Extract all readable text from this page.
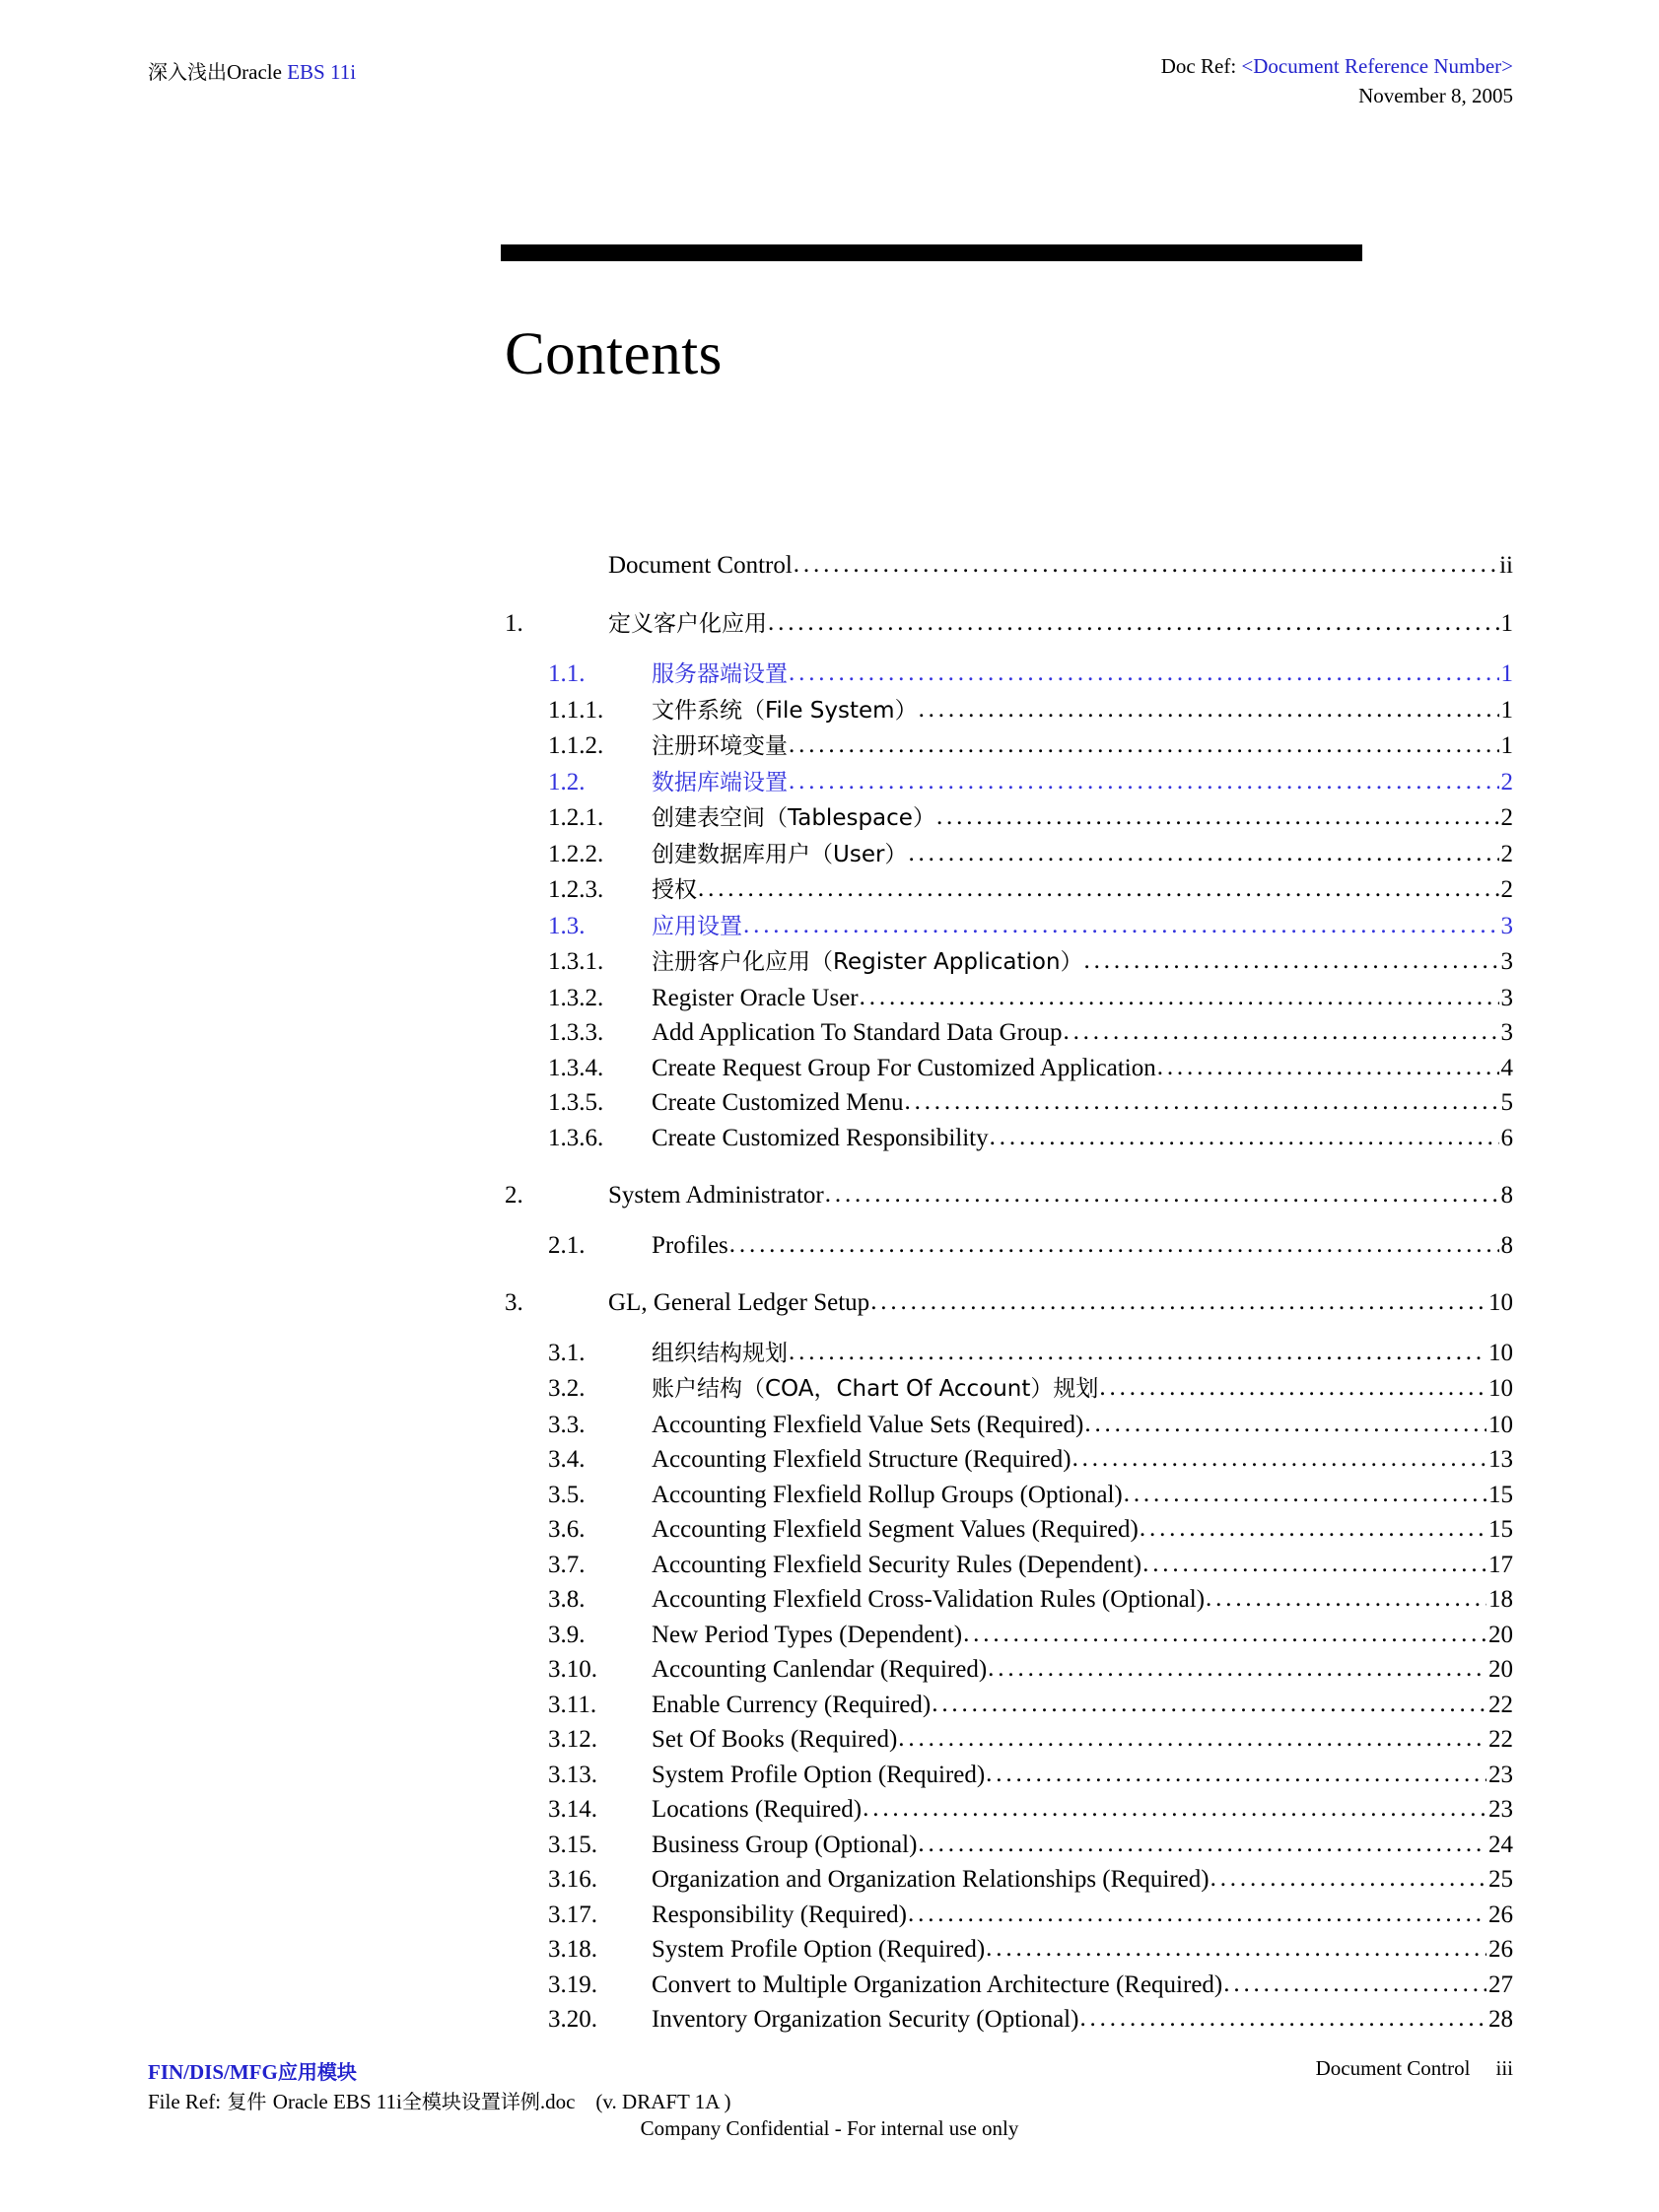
深入浅出Oracle EBS 11i	Doc Ref: <Document Reference Number>
November 8, 2005
Contents
Document Control . . .	ii
1.	定义客户化应用 . . .	1
1.1.	服务器端设置 . . .	1
1.1.1.	文件系统（File System） . . .	1
1.1.2.	注册环境变量 . . .	1
1.2.	数据库端设置 . . .	2
1.2.1.	创建表空间（Tablespace） . . .	2
1.2.2.	创建数据库用户（User） . . .	2
1.2.3.	授权 . . .	2
1.3.	应用设置 . . .	3
1.3.1.	注册客户化应用（Register Application） . . .	3
1.3.2.	Register Oracle User . . .	3
1.3.3.	Add Application To Standard Data Group . . .	3
1.3.4.	Create Request Group For Customized Application . . .	4
1.3.5.	Create Customized Menu . . .	5
1.3.6.	Create Customized Responsibility . . .	6
2.	System Administrator . . .	8
2.1.	Profiles . . .	8
3.	GL, General Ledger Setup . . .	10
3.1.	组织结构规划 . . .	10
3.2.	账户结构（COA，Chart Of Account）规划 . . .	10
3.3.	Accounting Flexfield Value Sets (Required) . . .	10
3.4.	Accounting Flexfield Structure (Required) . . .	13
3.5.	Accounting Flexfield Rollup Groups (Optional) . . .	15
3.6.	Accounting Flexfield Segment Values (Required) . . .	15
3.7.	Accounting Flexfield Security Rules (Dependent) . . .	17
3.8.	Accounting Flexfield Cross-Validation Rules (Optional) . . .	18
3.9.	New Period Types (Dependent) . . .	20
3.10.	Accounting Canlendar (Required) . . .	20
3.11.	Enable Currency (Required) . . .	22
3.12.	Set Of Books (Required) . . .	22
3.13.	System Profile Option (Required) . . .	23
3.14.	Locations (Required) . . .	23
3.15.	Business Group (Optional) . . .	24
3.16.	Organization and Organization Relationships (Required) . . .	25
3.17.	Responsibility (Required) . . .	26
3.18.	System Profile Option (Required) . . .	26
3.19.	Convert to Multiple Organization Architecture (Required) . . .	27
3.20.	Inventory Organization Security (Optional) . . .	28
FIN/DIS/MFG应用模块
File Ref: 复件 Oracle EBS 11i全模块设置详例.doc (v. DRAFT 1A )
Document Control iii
Company Confidential - For internal use only
